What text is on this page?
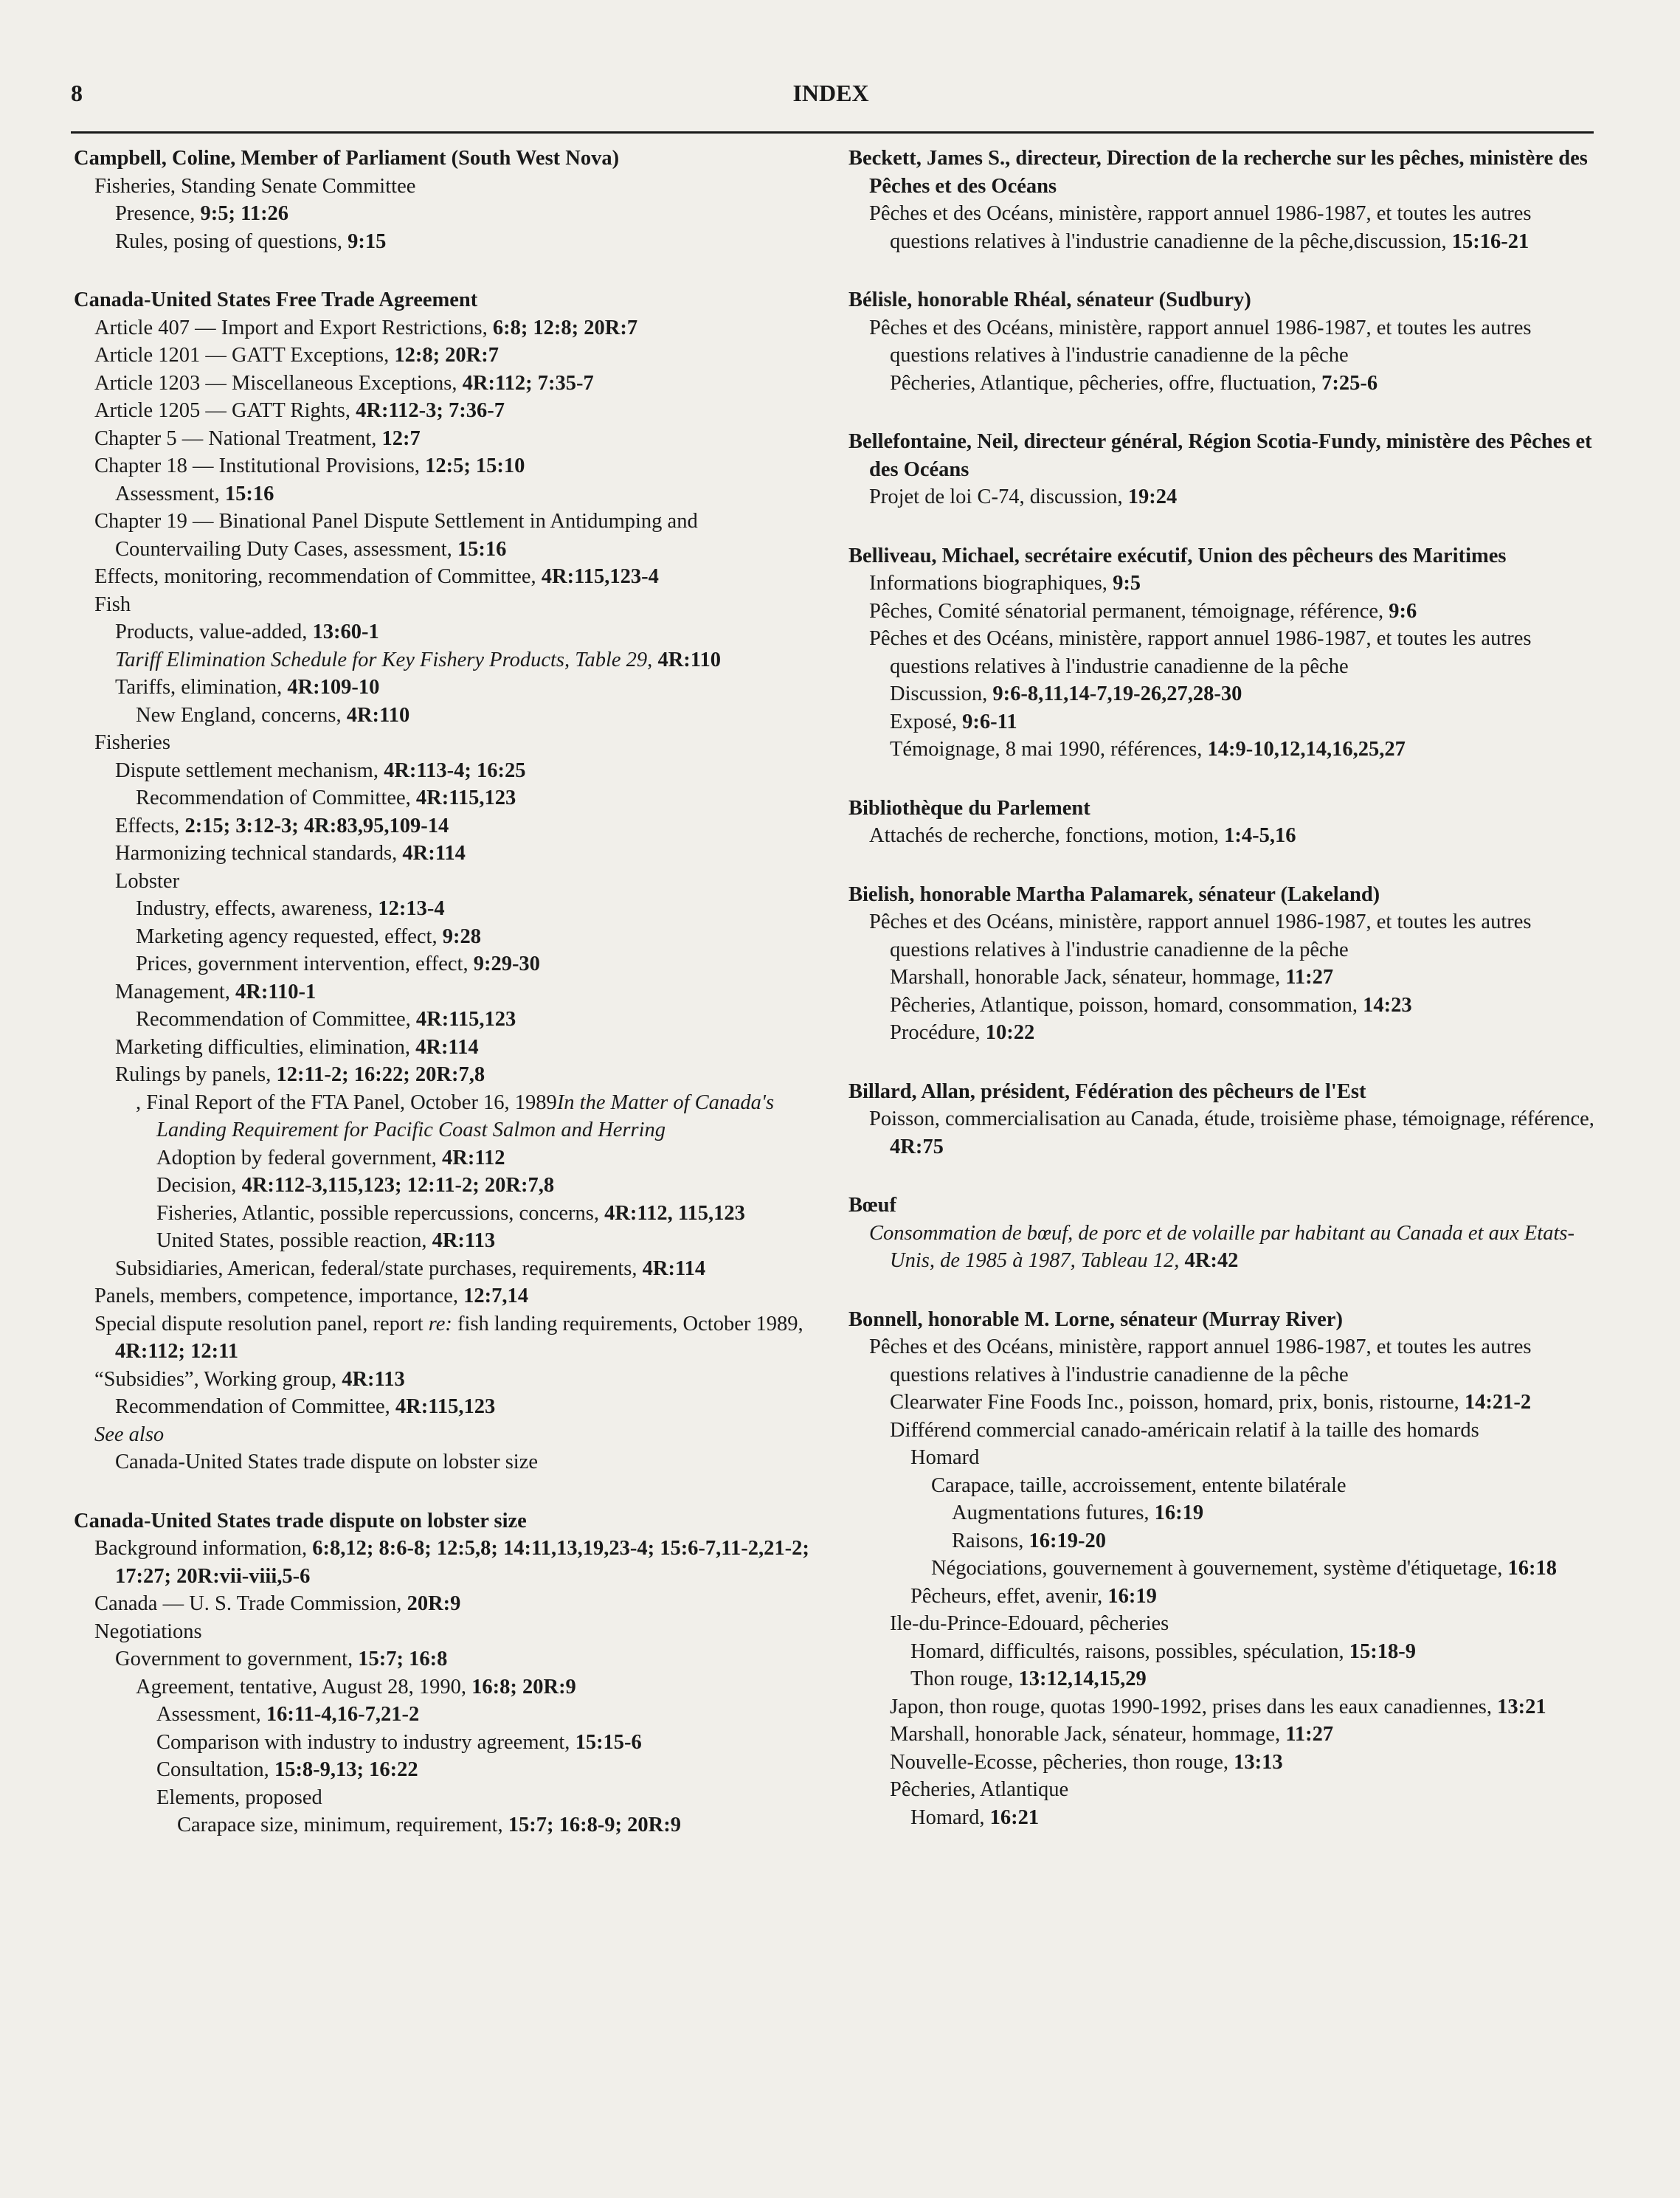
8	INDEX
Campbell, Coline, Member of Parliament (South West Nova)
Fisheries, Standing Senate Committee
Presence, 9:5; 11:26
Rules, posing of questions, 9:15
Canada-United States Free Trade Agreement
Article 407 — Import and Export Restrictions, 6:8; 12:8; 20R:7
Article 1201 — GATT Exceptions, 12:8; 20R:7
Article 1203 — Miscellaneous Exceptions, 4R:112; 7:35-7
Article 1205 — GATT Rights, 4R:112-3; 7:36-7
Chapter 5 — National Treatment, 12:7
Chapter 18 — Institutional Provisions, 12:5; 15:10
Assessment, 15:16
Chapter 19 — Binational Panel Dispute Settlement in Antidumping and Countervailing Duty Cases, assessment, 15:16
Effects, monitoring, recommendation of Committee, 4R:115,123-4
Fish
Products, value-added, 13:60-1
Tariff Elimination Schedule for Key Fishery Products, Table 29, 4R:110
Tariffs, elimination, 4R:109-10
New England, concerns, 4R:110
Fisheries
Dispute settlement mechanism, 4R:113-4; 16:25
Recommendation of Committee, 4R:115,123
Effects, 2:15; 3:12-3; 4R:83,95,109-14
Harmonizing technical standards, 4R:114
Lobster
Industry, effects, awareness, 12:13-4
Marketing agency requested, effect, 9:28
Prices, government intervention, effect, 9:29-30
Management, 4R:110-1
Recommendation of Committee, 4R:115,123
Marketing difficulties, elimination, 4R:114
Rulings by panels, 12:11-2; 16:22; 20R:7,8
, Final Report of the FTA Panel, October 16, 1989In the Matter of Canada's Landing Requirement for Pacific Coast Salmon and Herring
Adoption by federal government, 4R:112
Decision, 4R:112-3,115,123; 12:11-2; 20R:7,8
Fisheries, Atlantic, possible repercussions, concerns, 4R:112, 115,123
United States, possible reaction, 4R:113
Subsidiaries, American, federal/state purchases, requirements, 4R:114
Panels, members, competence, importance, 12:7,14
Special dispute resolution panel, report re: fish landing requirements, October 1989, 4R:112; 12:11
“Subsidies”, Working group, 4R:113
Recommendation of Committee, 4R:115,123
See also
Canada-United States trade dispute on lobster size
Canada-United States trade dispute on lobster size
Background information, 6:8,12; 8:6-8; 12:5,8; 14:11,13,19,23-4; 15:6-7,11-2,21-2; 17:27; 20R:vii-viii,5-6
Canada — U. S. Trade Commission, 20R:9
Negotiations
Government to government, 15:7; 16:8
Agreement, tentative, August 28, 1990, 16:8; 20R:9
Assessment, 16:11-4,16-7,21-2
Comparison with industry to industry agreement, 15:15-6
Consultation, 15:8-9,13; 16:22
Elements, proposed
Carapace size, minimum, requirement, 15:7; 16:8-9; 20R:9
Beckett, James S., directeur, Direction de la recherche sur les pêches, ministère des Pêches et des Océans
Pêches et des Océans, ministère, rapport annuel 1986-1987, et toutes les autres questions relatives à l'industrie canadienne de la pêche,discussion, 15:16-21
Bélisle, honorable Rhéal, sénateur (Sudbury)
Pêches et des Océans, ministère, rapport annuel 1986-1987, et toutes les autres questions relatives à l'industrie canadienne de la pêche
Pêcheries, Atlantique, pêcheries, offre, fluctuation, 7:25-6
Bellefontaine, Neil, directeur général, Région Scotia-Fundy, ministère des Pêches et des Océans
Projet de loi C-74, discussion, 19:24
Belliveau, Michael, secrétaire exécutif, Union des pêcheurs des Maritimes
Informations biographiques, 9:5
Pêches, Comité sénatorial permanent, témoignage, référence, 9:6
Pêches et des Océans, ministère, rapport annuel 1986-1987, et toutes les autres questions relatives à l'industrie canadienne de la pêche
Discussion, 9:6-8,11,14-7,19-26,27,28-30
Exposé, 9:6-11
Témoignage, 8 mai 1990, références, 14:9-10,12,14,16,25,27
Bibliothèque du Parlement
Attachés de recherche, fonctions, motion, 1:4-5,16
Bielish, honorable Martha Palamarek, sénateur (Lakeland)
Pêches et des Océans, ministère, rapport annuel 1986-1987, et toutes les autres questions relatives à l'industrie canadienne de la pêche
Marshall, honorable Jack, sénateur, hommage, 11:27
Pêcheries, Atlantique, poisson, homard, consommation, 14:23
Procédure, 10:22
Billard, Allan, président, Fédération des pêcheurs de l'Est
Poisson, commercialisation au Canada, étude, troisième phase, témoignage, référence, 4R:75
Bœuf
Consommation de bœuf, de porc et de volaille par habitant au Canada et aux Etats-Unis, de 1985 à 1987, Tableau 12, 4R:42
Bonnell, honorable M. Lorne, sénateur (Murray River)
Pêches et des Océans, ministère, rapport annuel 1986-1987, et toutes les autres questions relatives à l'industrie canadienne de la pêche
Clearwater Fine Foods Inc., poisson, homard, prix, bonis, ristourne, 14:21-2
Différend commercial canado-américain relatif à la taille des homards
Homard
Carapace, taille, accroissement, entente bilatérale
Augmentations futures, 16:19
Raisons, 16:19-20
Négociations, gouvernement à gouvernement, système d'étiquetage, 16:18
Pêcheurs, effet, avenir, 16:19
Ile-du-Prince-Edouard, pêcheries
Homard, difficultés, raisons, possibles, spéculation, 15:18-9
Thon rouge, 13:12,14,15,29
Japon, thon rouge, quotas 1990-1992, prises dans les eaux canadiennes, 13:21
Marshall, honorable Jack, sénateur, hommage, 11:27
Nouvelle-Ecosse, pêcheries, thon rouge, 13:13
Pêcheries, Atlantique
Homard, 16:21
